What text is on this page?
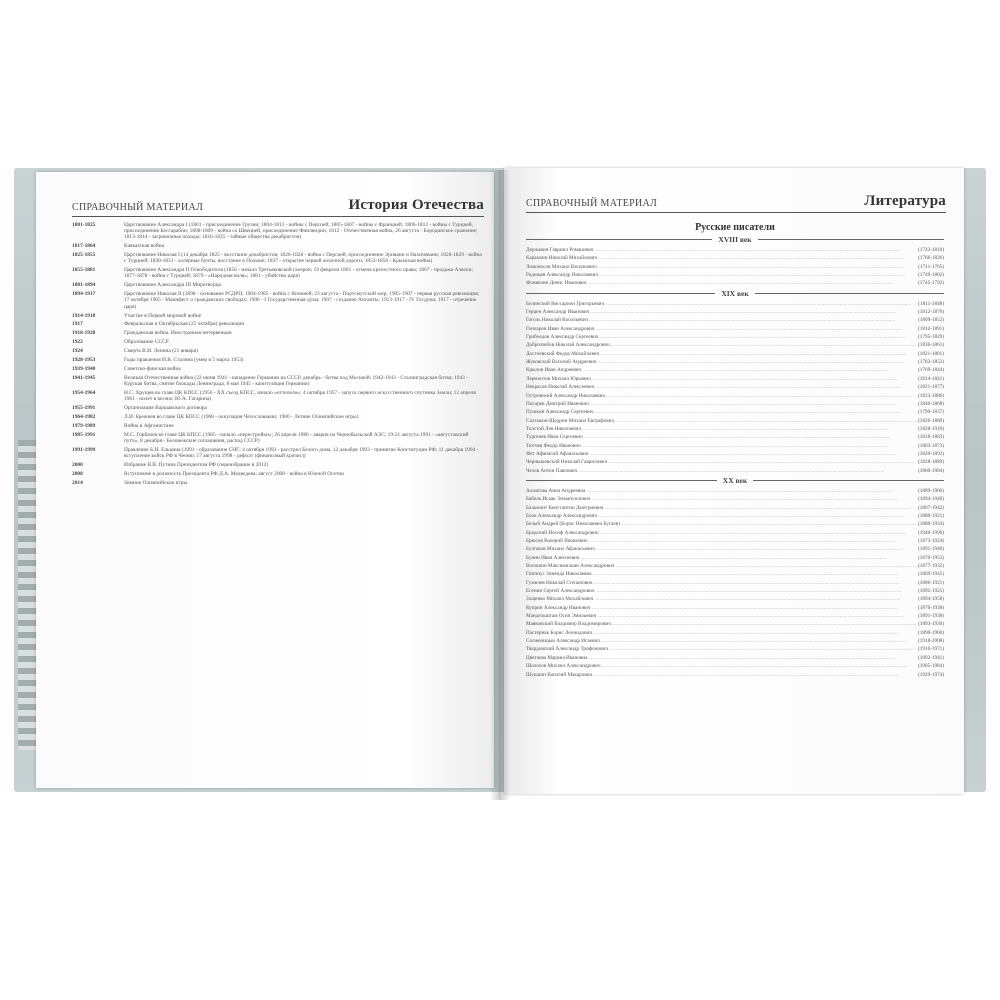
СПРАВОЧНЫЙ МАТЕРИАЛ	История Отечества
1801-1825	Царствование Александра I (1801 - присоединение Грузии; 1804-1813 - войны с Персией; 1805-1807 - войны с Францией; 1806-1812 - войны с Турцией, присоединение Бессарабии; 1808-1809 - война со Швецией, присоединение Финляндии; 1812 - Отечественная война, 26 августа - Бородинское сражение; 1813-1814 - заграничные походы; 1816-1825 - тайные общества декабристов)
1817-1864	Кавказская война
1825-1855	Царствование Николая I (14 декабря 1825 - восстание декабристов; 1826-1828 - война с Персией, присоединение Эривани и Нахичевани; 1828-1829 - война с Турцией; 1830-1831 - холерные бунты, восстание в Польше; 1837 - открытие первой железной дороги; 1853-1856 - Крымская война)
1855-1881	Царствование Александра II Освободителя (1856 - начало Третьяковской галереи; 19 февраля 1861 - отмена крепостного права; 1867 - продажа Аляски; 1877-1878 - война с Турцией; 1879 - «Народная воля»; 1881 - убийство царя)
1881-1894	Царствование Александра III Миротворца
1894-1917	Царствование Николая II (1898 - основание РСДРП; 1904-1905 - война с Японией; 23 августа - Портсмутский мир; 1905-1907 - первая русская революция; 17 октября 1905 - Манифест о гражданских свободах; 1906 - I Государственная дума; 1907 - создание Антанты; 1913-1917 - IV Госдума; 1917 - отречение царя)
1914-1918	Участие в Первой мировой войне
1917	Февральская и Октябрьская (25 октября) революции
1918-1920	Гражданская война. Иностранная интервенция
1922	Образование СССР
1924	Смерть В.И. Ленина (21 января)
1928-1953	Годы правления И.В. Сталина (умер в 5 марта 1953)
1939-1940	Советско-финская война
1941-1945	Великая Отечественная война (22 июня 1941 - нападение Германии на СССР, декабрь - битва под Москвой; 1942-1943 - Сталинградская битва; 1943 - Курская битва, снятие блокады Ленинграда, 8 мая 1945 - капитуляция Германии)
1954-1964	Н.С. Хрущев во главе ЦК КПСС (1956 - XX съезд КПСС, начало «оттепели»; 4 октября 1957 - запуск первого искусственного спутника Земли; 12 апреля 1961 - полет в космос Ю.А. Гагарина)
1955-1991	Организация Варшавского договора
1964-1982	Л.И. Брежнев во главе ЦК КПСС (1968 - оккупация Чехословакии; 1980 - Летние Олимпийские игры)
1979-1989	Война в Афганистане
1985-1991	М.С. Горбачев во главе ЦК КПСС (1985 - начало «перестройки»; 26 апреля 1986 - авария на Чернобыльской АЭС; 19-21 августа 1991 - «августовский путч», 8 декабря - Беловежские соглашения, распад СССР)
1991-1999	Правление Б.Н. Ельцина (1991 - образование СНГ; 4 октября 1993 - расстрел Белого дома, 12 декабря 1993 - принятие Конституции РФ; 11 декабря 1994 - вступление войск РФ в Чечню; 17 августа 1998 - дефолт (финансовый кризис))
2000	Избрание В.В. Путина Президентом РФ (переизбрание в 2012)
2008	Вступление в должность Президента РФ Д.А. Медведева; август 2008 - война в Южной Осетии
2014	Зимние Олимпийские игры
СПРАВОЧНЫЙ МАТЕРИАЛ	Литература
Русские писатели
XVIII век
Державин Гавриил Романович .....	(1743-1816)
Карамзин Николай Михайлович .....	(1766-1826)
Ломоносов Михаил Васильевич .....	(1711-1765)
Радищев Александр Николаевич .....	(1749-1802)
Фонвизин Денис Иванович .....	(1745-1792)
XIX век
Белинский Виссарион Григорьевич .....	(1811-1848)
Герцен Александр Иванович .....	(1812-1870)
Гоголь Николай Васильевич .....	(1809-1852)
Гончаров Иван Александрович .....	(1812-1891)
Грибоедов Александр Сергеевич .....	(1795-1829)
Добролюбов Николай Александрович .....	(1836-1861)
Достоевский Федор Михайлович .....	(1821-1881)
Жуковский Василий Андреевич .....	(1783-1852)
Крылов Иван Андреевич .....	(1769-1844)
Лермонтов Михаил Юрьевич .....	(1814-1841)
Некрасов Николай Алексеевич .....	(1821-1877)
Островский Александр Николаевич .....	(1823-1886)
Писарев Дмитрий Иванович .....	(1840-1868)
Пушкин Александр Сергеевич .....	(1799-1837)
Салтыков-Щедрин Михаил Евграфович .....	(1826-1889)
Толстой Лев Николаевич .....	(1828-1910)
Тургенев Иван Сергеевич .....	(1818-1883)
Тютчев Федор Иванович .....	(1803-1873)
Фет Афанасий Афанасьевич .....	(1820-1892)
Чернышевский Николай Гаврилович .....	(1828-1889)
Чехов Антон Павлович .....	(1860-1904)
XX век
Ахматова Анна Андреевна .....	(1889-1966)
Бабель Исаак Эммануилович .....	(1894-1940)
Бальмонт Константин Дмитриевич .....	(1867-1942)
Блок Александр Александрович .....	(1880-1921)
Белый Андрей (Борис Николаевич Бугаев) .....	(1880-1934)
Бродский Иосиф Александрович .....	(1940-1996)
Брюсов Валерий Яковлевич .....	(1873-1924)
Булгаков Михаил Афанасьевич .....	(1891-1940)
Бунин Иван Алексеевич .....	(1870-1953)
Волошин Максимилиан Александрович .....	(1877-1932)
Гиппиус Зинаида Николаевна .....	(1869-1945)
Гумилев Николай Степанович .....	(1886-1921)
Есенин Сергей Александрович .....	(1895-1925)
Зощенко Михаил Михайлович .....	(1894-1958)
Куприн Александр Иванович .....	(1870-1938)
Мандельштам Осип Эмильевич .....	(1891-1938)
Маяковский Владимир Владимирович .....	(1893-1930)
Пастернак Борис Леонидович .....	(1890-1960)
Солженицын Александр Исаевич .....	(1918-2008)
Твардовский Александр Трифонович .....	(1910-1971)
Цветаева Марина Ивановна .....	(1892-1941)
Шолохов Михаил Александрович .....	(1905-1984)
Шукшин Василий Макарович .....	(1929-1974)
